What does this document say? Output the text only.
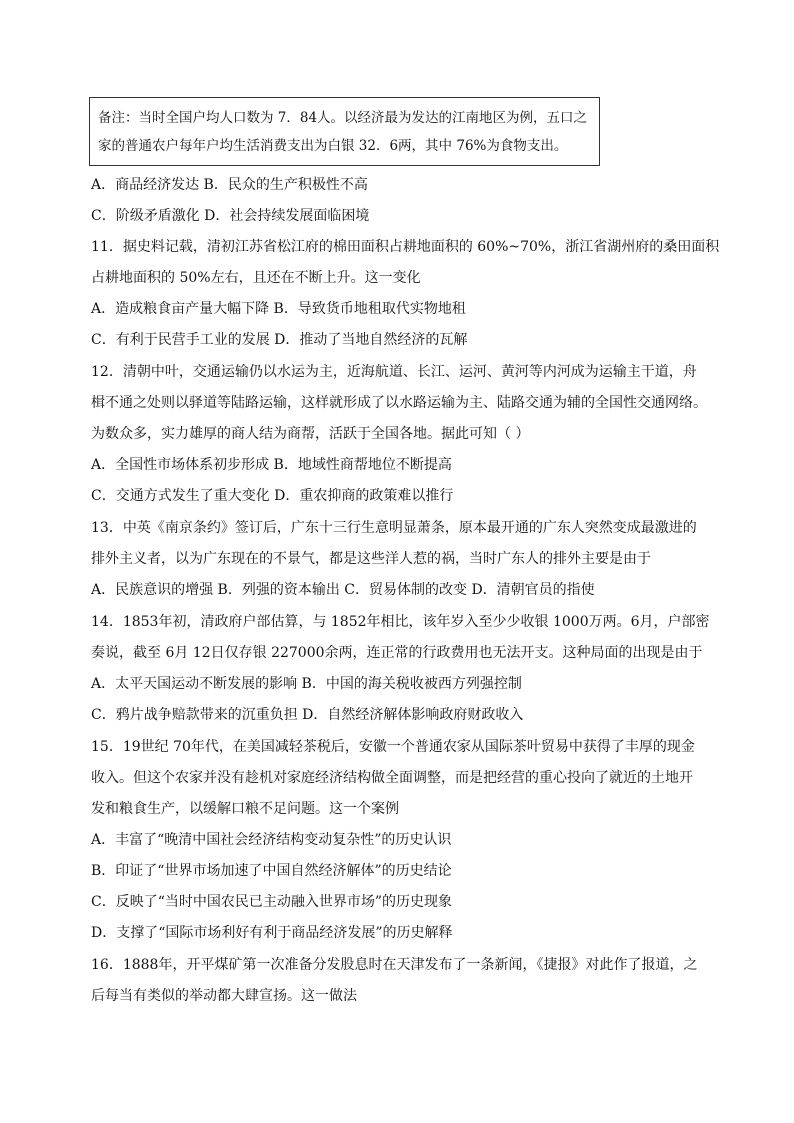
备注：当时全国户均人口数为 7．84人。以经济最为发达的江南地区为例，五口之
家的普通农户每年户均生活消费支出为白银 32．6两，其中 76%为食物支出。
A．商品经济发达 B．民众的生产积极性不高
C．阶级矛盾激化 D．社会持续发展面临困境
11．据史料记载，清初江苏省松江府的棉田面积占耕地面积的 60%~70%，浙江省湖州府的桑田面积
占耕地面积的 50%左右，且还在不断上升。这一变化
A．造成粮食亩产量大幅下降 B．导致货币地租取代实物地租
C．有利于民营手工业的发展 D．推动了当地自然经济的瓦解
12．清朝中叶，交通运输仍以水运为主，近海航道、长江、运河、黄河等内河成为运输主干道，舟
楫不通之处则以驿道等陆路运输，这样就形成了以水路运输为主、陆路交通为辅的全国性交通网络。
为数众多，实力雄厚的商人结为商帮，活跃于全国各地。据此可知（ ）
A．全国性市场体系初步形成 B．地域性商帮地位不断提高
C．交通方式发生了重大变化 D．重农抑商的政策难以推行
13．中英《南京条约》签订后，广东十三行生意明显萧条，原本最开通的广东人突然变成最激进的
排外主义者，以为广东现在的不景气，都是这些洋人惹的祸，当时广东人的排外主要是由于
A．民族意识的增强 B．列强的资本输出 C．贸易体制的改变 D．清朝官员的指使
14．1853年初，清政府户部估算，与 1852年相比，该年岁入至少少收银 1000万两。6月，户部密
奏说，截至 6月 12日仅存银 227000余两，连正常的行政费用也无法开支。这种局面的出现是由于
A．太平天国运动不断发展的影响 B．中国的海关税收被西方列强控制
C．鸦片战争赔款带来的沉重负担 D．自然经济解体影响政府财政收入
15．19世纪 70年代，在美国减轻茶税后，安徽一个普通农家从国际茶叶贸易中获得了丰厚的现金
收入。但这个农家并没有趁机对家庭经济结构做全面调整，而是把经营的重心投向了就近的土地开
发和粮食生产，以缓解口粮不足问题。这一个案例
A．丰富了“晚清中国社会经济结构变动复杂性”的历史认识
B．印证了“世界市场加速了中国自然经济解体”的历史结论
C．反映了“当时中国农民已主动融入世界市场”的历史现象
D．支撑了“国际市场利好有利于商品经济发展”的历史解释
16．1888年，开平煤矿第一次准备分发股息时在天津发布了一条新闻，《捷报》对此作了报道，之
后每当有类似的举动都大肆宣扬。这一做法
